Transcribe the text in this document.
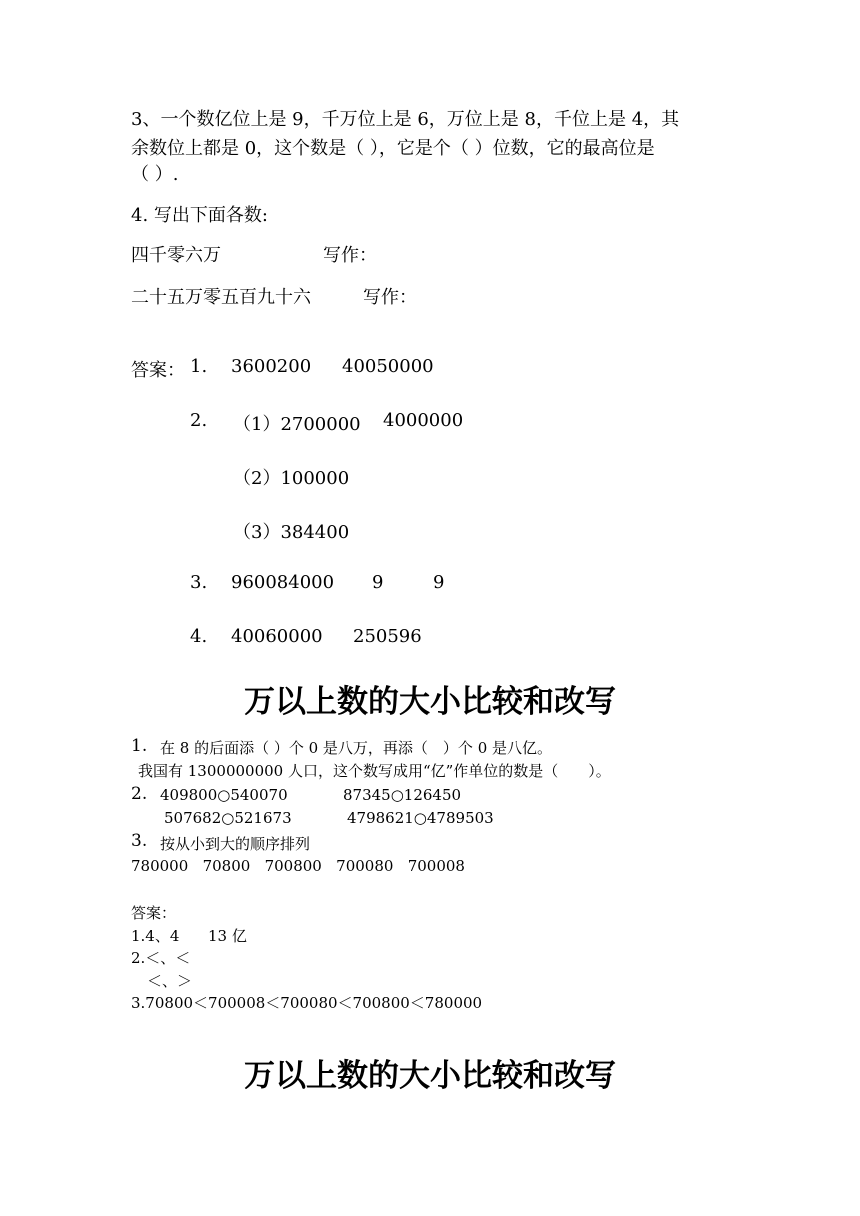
3、一个数亿位上是 9，千万位上是 6，万位上是 8，千位上是 4，其
余数位上都是 0，这个数是（ ），它是个（ ）位数，它的最高位是
（ ）.
4. 写出下面各数:
四千零六万	写作：
二十五万零五百九十六	写作：
答案： 1. 3600200 40050000
2. （1）2700000 4000000
（2）100000
（3）384400
3. 960084000 9	9
4. 40060000 250596
万以上数的大小比较和改写
1. 在 8 的后面添（ ）个 0 是八万，再添（　）个 0 是八亿。
我国有 1300000000 人口，这个数写成用“亿”作单位的数是（　　）。
2. 409800○540070	87345○126450
507682○521673	4798621○4789503
3. 按从小到大的顺序排列
780000   70800   700800   700080   700008
答案：
1.4、4      13 亿
2.＜、＜
＜、＞
3.70800＜700008＜700080＜700800＜780000
万以上数的大小比较和改写
